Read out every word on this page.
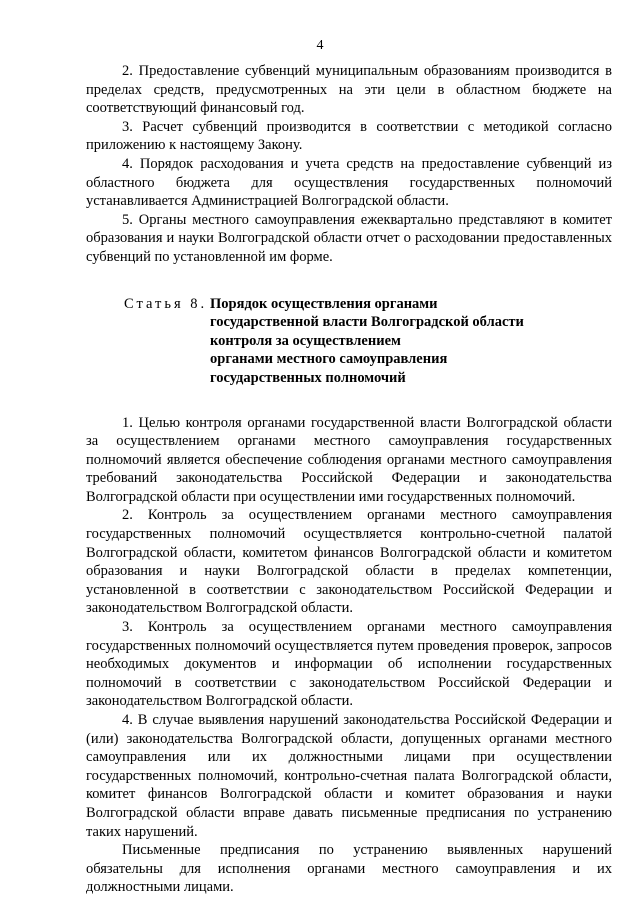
4

2. Предоставление субвенций муниципальным образованиям производится в пределах средств, предусмотренных на эти цели в областном бюджете на соответствующий финансовый год.

3. Расчет субвенций производится в соответствии с методикой согласно приложению к настоящему Закону.

4. Порядок расходования и учета средств на предоставление субвенций из областного бюджета для осуществления государственных полномочий устанавливается Администрацией Волгоградской области.

5. Органы местного самоуправления ежеквартально представляют в комитет образования и науки Волгоградской области отчет о расходовании предоставленных субвенций по установленной им форме.

Статья 8. Порядок осуществления органами
государственной власти Волгоградской области
контроля за осуществлением
органами местного самоуправления
государственных полномочий

1. Целью контроля органами государственной власти Волгоградской области за осуществлением органами местного самоуправления государственных полномочий является обеспечение соблюдения органами местного самоуправления требований законодательства Российской Федерации и законодательства Волгоградской области при осуществлении ими государственных полномочий.

2. Контроль за осуществлением органами местного самоуправления государственных полномочий осуществляется контрольно-счетной палатой Волгоградской области, комитетом финансов Волгоградской области и комитетом образования и науки Волгоградской области в пределах компетенции, установленной в соответствии с законодательством Российской Федерации и законодательством Волгоградской области.

3. Контроль за осуществлением органами местного самоуправления государственных полномочий осуществляется путем проведения проверок, запросов необходимых документов и информации об исполнении государственных полномочий в соответствии с законодательством Российской Федерации и законодательством Волгоградской области.

4. В случае выявления нарушений законодательства Российской Федерации и (или) законодательства Волгоградской области, допущенных органами местного самоуправления или их должностными лицами при осуществлении государственных полномочий, контрольно-счетная палата Волгоградской области, комитет финансов Волгоградской области и комитет образования и науки Волгоградской области вправе давать письменные предписания по устранению таких нарушений.

Письменные предписания по устранению выявленных нарушений обязательны для исполнения органами местного самоуправления и их должностными лицами.
